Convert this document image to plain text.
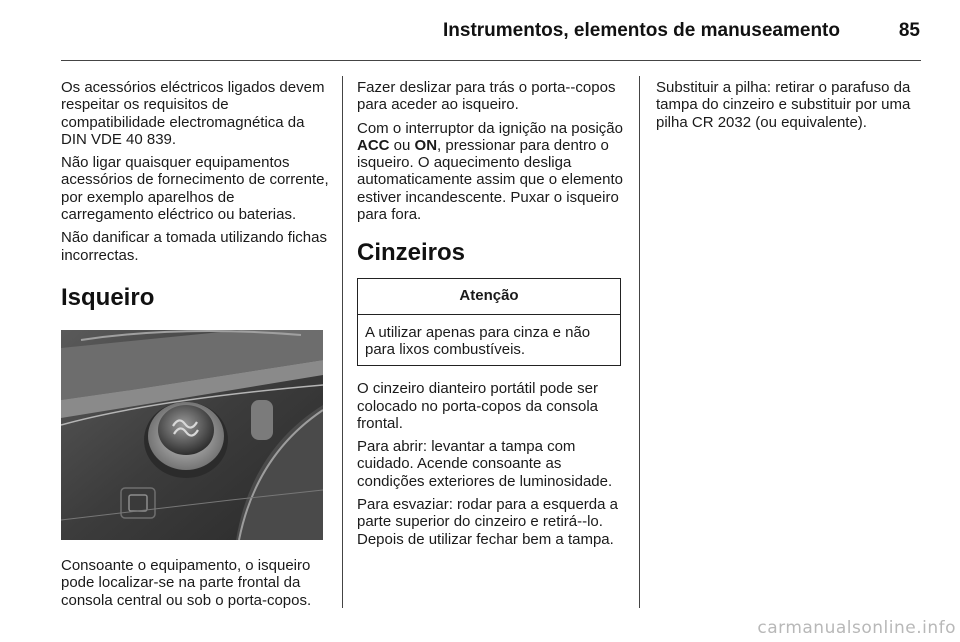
Instrumentos, elementos de manuseamento	85

Os acessórios eléctricos ligados devem respeitar os requisitos de compatibilidade electromagnética da DIN VDE 40 839.

Não ligar quaisquer equipamentos acessórios de fornecimento de corrente, por exemplo aparelhos de carregamento eléctrico ou baterias.

Não danificar a tomada utilizando fichas incorrectas.

Isqueiro

Consoante o equipamento, o isqueiro pode localizar-se na parte frontal da consola central ou sob o porta-copos.

Fazer deslizar para trás o porta--copos para aceder ao isqueiro.

Com o interruptor da ignição na posição ACC ou ON, pressionar para dentro o isqueiro. O aquecimento desliga automaticamente assim que o elemento estiver incandescente. Puxar o isqueiro para fora.

Cinzeiros
Atenção
A utilizar apenas para cinza e não para lixos combustíveis.

O cinzeiro dianteiro portátil pode ser colocado no porta-copos da consola frontal.

Para abrir: levantar a tampa com cuidado. Acende consoante as condições exteriores de luminosidade.

Para esvaziar: rodar para a esquerda a parte superior do cinzeiro e retirá--lo. Depois de utilizar fechar bem a tampa.

Substituir a pilha: retirar o parafuso da tampa do cinzeiro e substituir por uma pilha CR 2032 (ou equivalente).

carmanualsonline.info
